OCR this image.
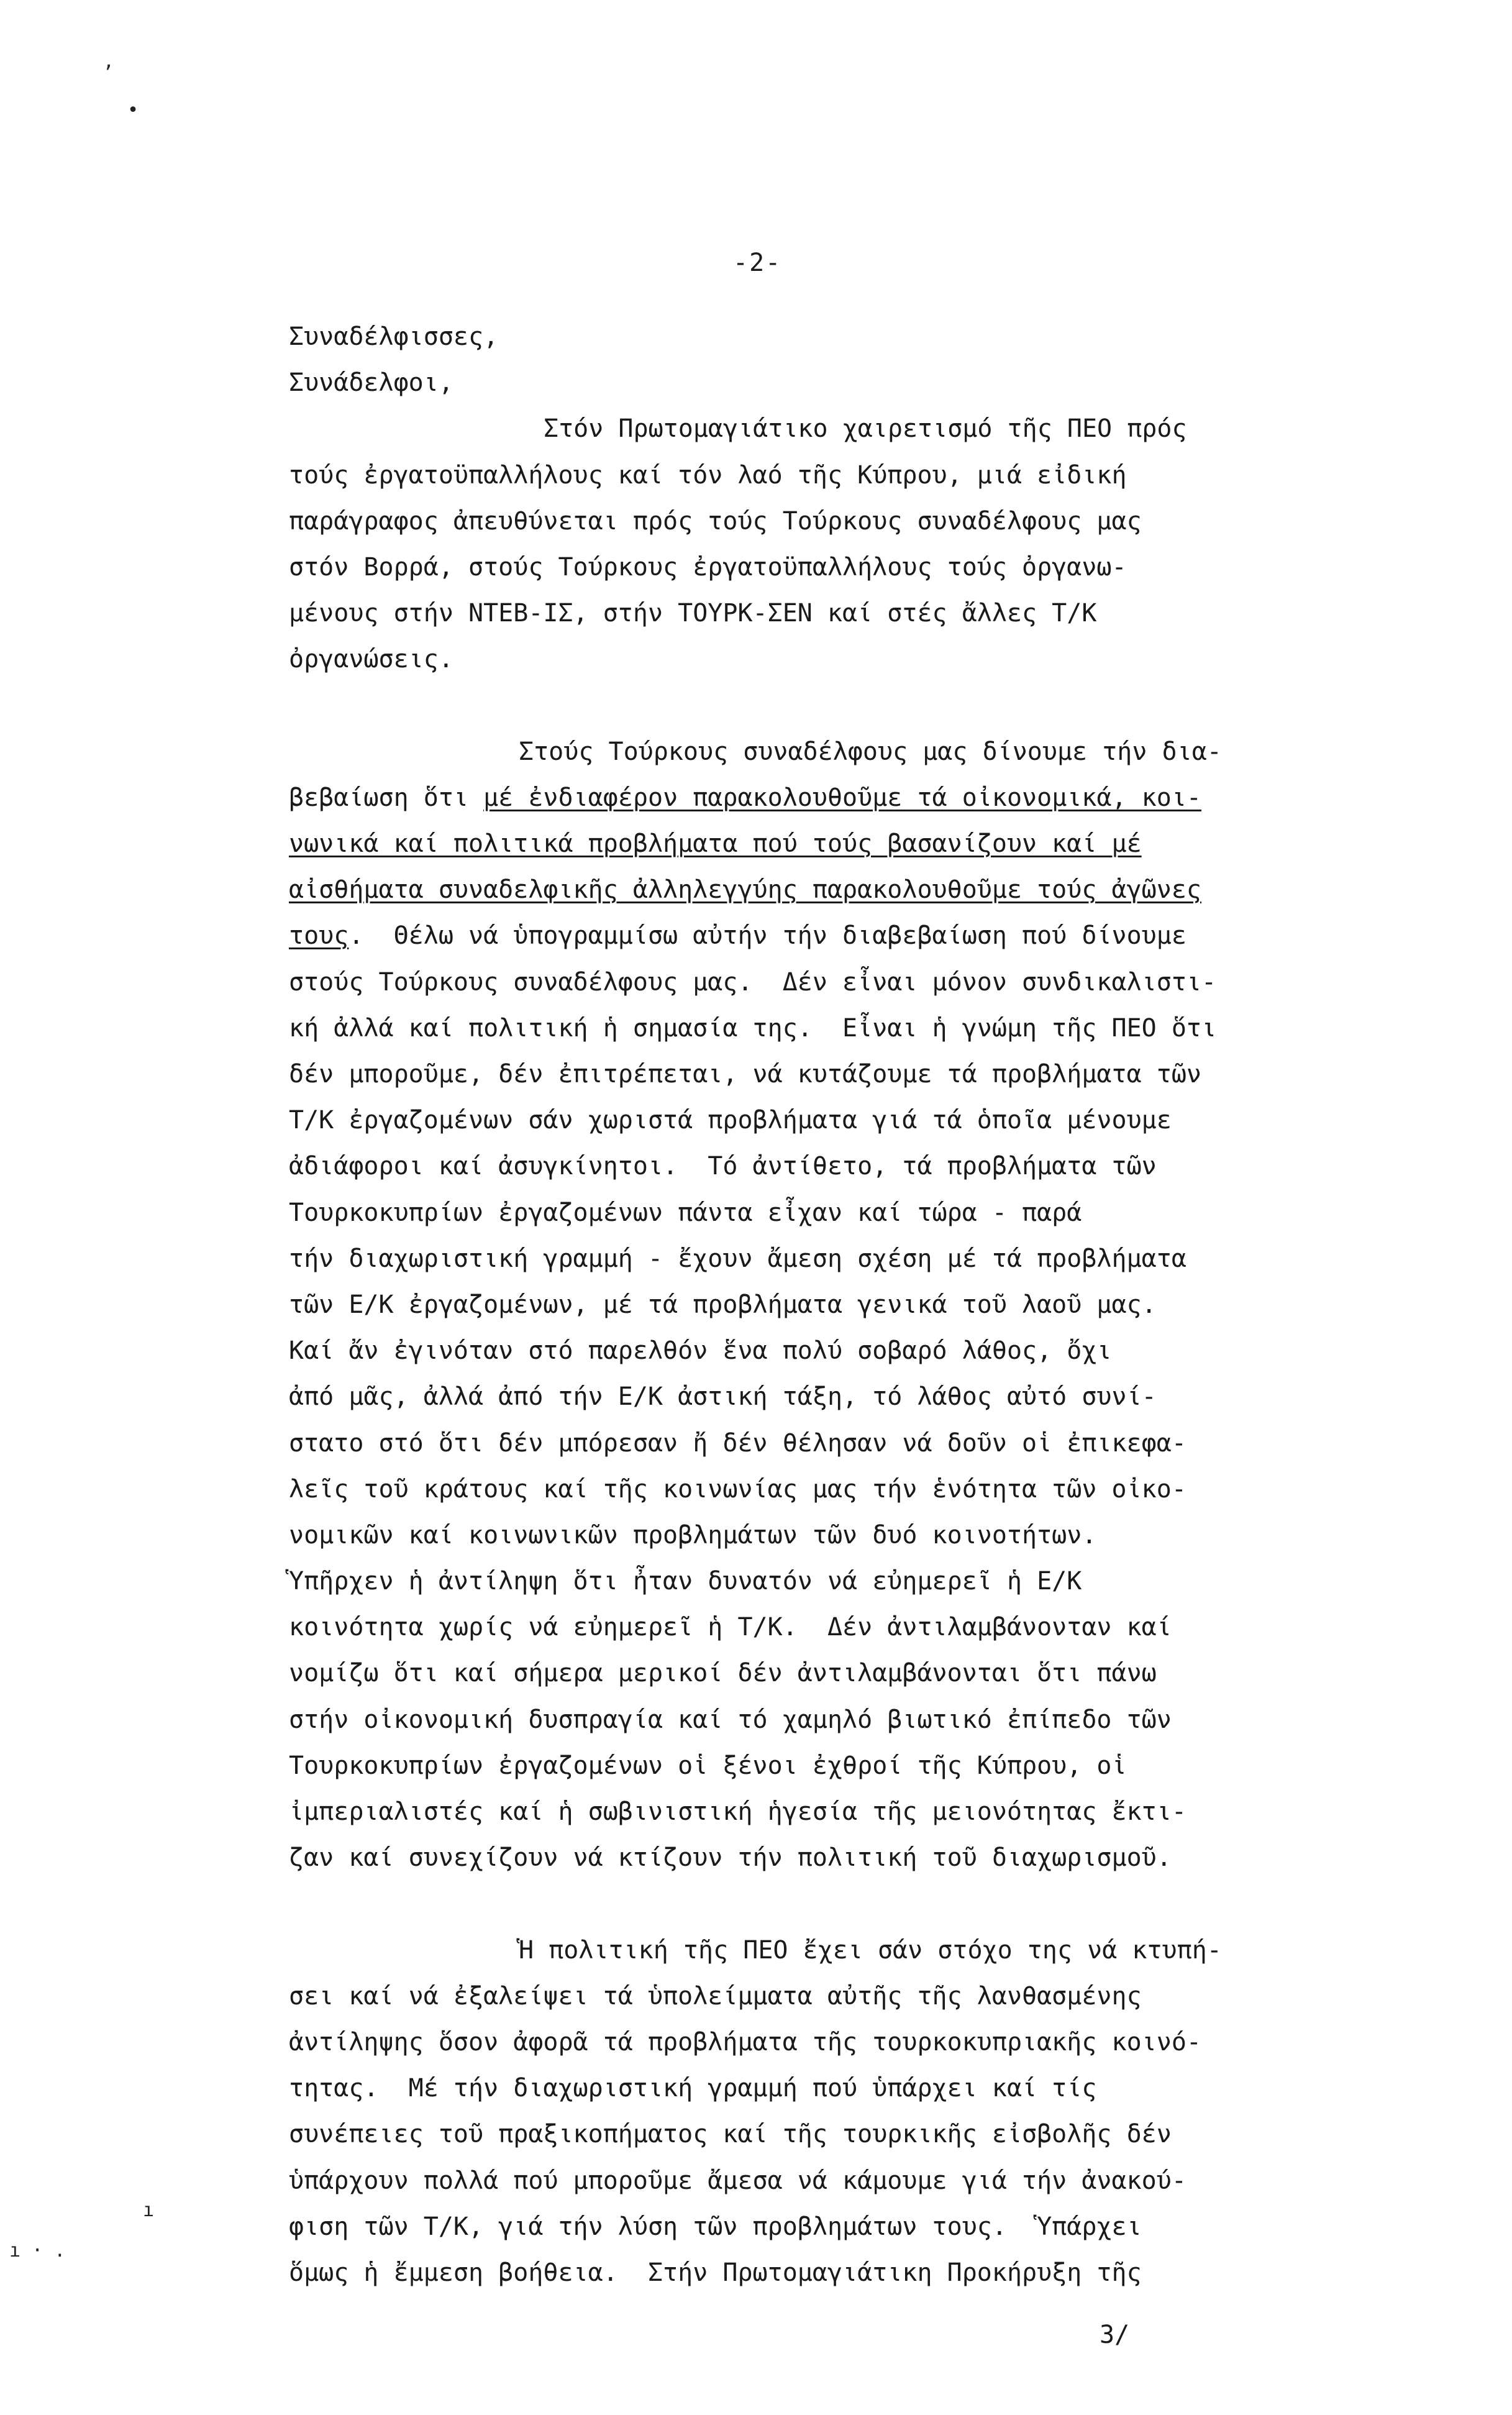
ʼ
•
-2-
Συναδέλφισσες,
Συνάδελφοι,
Στόν Πρωτομαγιάτικο χαιρετισμό τῆς ΠΕΟ πρός
τούς ἐργατοϋπαλλήλους καί τόν λαό τῆς Κύπρου, μιά εἰδική
παράγραφος ἀπευθύνεται πρός τούς Τούρκους συναδέλφους μας
στόν Βορρά, στούς Τούρκους ἐργατοϋπαλλήλους τούς ὀργανω-
μένους στήν ΝΤΕΒ-ΙΣ, στήν ΤΟΥΡΚ-ΣΕΝ καί στές ἄλλες Τ/Κ
ὀργανώσεις.
Στούς Τούρκους συναδέλφους μας δίνουμε τήν δια-
βεβαίωση ὅτι μέ ἐνδιαφέρον παρακολουθοῦμε τά οἰκονομικά, κοι-
νωνικά καί πολιτικά προβλήματα πού τούς βασανίζουν καί μέ
αἰσθήματα συναδελφικῆς ἀλληλεγγύης παρακολουθοῦμε τούς ἀγῶνες
τους.  Θέλω νά ὑπογραμμίσω αὐτήν τήν διαβεβαίωση πού δίνουμε
στούς Τούρκους συναδέλφους μας.  Δέν εἶναι μόνον συνδικαλιστι-
κή ἀλλά καί πολιτική ἡ σημασία της.  Εἶναι ἡ γνώμη τῆς ΠΕΟ ὅτι
δέν μποροῦμε, δέν ἐπιτρέπεται, νά κυτάζουμε τά προβλήματα τῶν
Τ/Κ ἐργαζομένων σάν χωριστά προβλήματα γιά τά ὁποῖα μένουμε
ἀδιάφοροι καί ἀσυγκίνητοι.  Τό ἀντίθετο, τά προβλήματα τῶν
Τουρκοκυπρίων ἐργαζομένων πάντα εἶχαν καί τώρα - παρά
τήν διαχωριστική γραμμή - ἔχουν ἄμεση σχέση μέ τά προβλήματα
τῶν Ε/Κ ἐργαζομένων, μέ τά προβλήματα γενικά τοῦ λαοῦ μας.
Καί ἄν ἐγινόταν στό παρελθόν ἕνα πολύ σοβαρό λάθος, ὄχι
ἀπό μᾶς, ἀλλά ἀπό τήν Ε/Κ ἀστική τάξη, τό λάθος αὐτό συνί-
στατο στό ὅτι δέν μπόρεσαν ἤ δέν θέλησαν νά δοῦν οἱ ἐπικεφα-
λεῖς τοῦ κράτους καί τῆς κοινωνίας μας τήν ἑνότητα τῶν οἰκο-
νομικῶν καί κοινωνικῶν προβλημάτων τῶν δυό κοινοτήτων.
Ὑπῆρχεν ἡ ἀντίληψη ὅτι ἦταν δυνατόν νά εὐημερεῖ ἡ Ε/Κ
κοινότητα χωρίς νά εὐημερεῖ ἡ Τ/Κ.  Δέν ἀντιλαμβάνονταν καί
νομίζω ὅτι καί σήμερα μερικοί δέν ἀντιλαμβάνονται ὅτι πάνω
στήν οἰκονομική δυσπραγία καί τό χαμηλό βιωτικό ἐπίπεδο τῶν
Τουρκοκυπρίων ἐργαζομένων οἱ ξένοι ἐχθροί τῆς Κύπρου, οἱ
ἰμπεριαλιστές καί ἡ σωβινιστική ἡγεσία τῆς μειονότητας ἔκτι-
ζαν καί συνεχίζουν νά κτίζουν τήν πολιτική τοῦ διαχωρισμοῦ.
Ἡ πολιτική τῆς ΠΕΟ ἔχει σάν στόχο της νά κτυπή-
σει καί νά ἐξαλείψει τά ὑπολείμματα αὐτῆς τῆς λανθασμένης
ἀντίληψης ὅσον ἀφορᾶ τά προβλήματα τῆς τουρκοκυπριακῆς κοινό-
τητας.  Μέ τήν διαχωριστική γραμμή πού ὑπάρχει καί τίς
συνέπειες τοῦ πραξικοπήματος καί τῆς τουρκικῆς εἰσβολῆς δέν
ὑπάρχουν πολλά πού μποροῦμε ἄμεσα νά κάμουμε γιά τήν ἀνακού-
φιση τῶν Τ/Κ, γιά τήν λύση τῶν προβλημάτων τους.  Ὑπάρχει
ὅμως ἡ ἔμμεση βοήθεια.  Στήν Πρωτομαγιάτικη Προκήρυξη τῆς
ı
ı · .
3/
